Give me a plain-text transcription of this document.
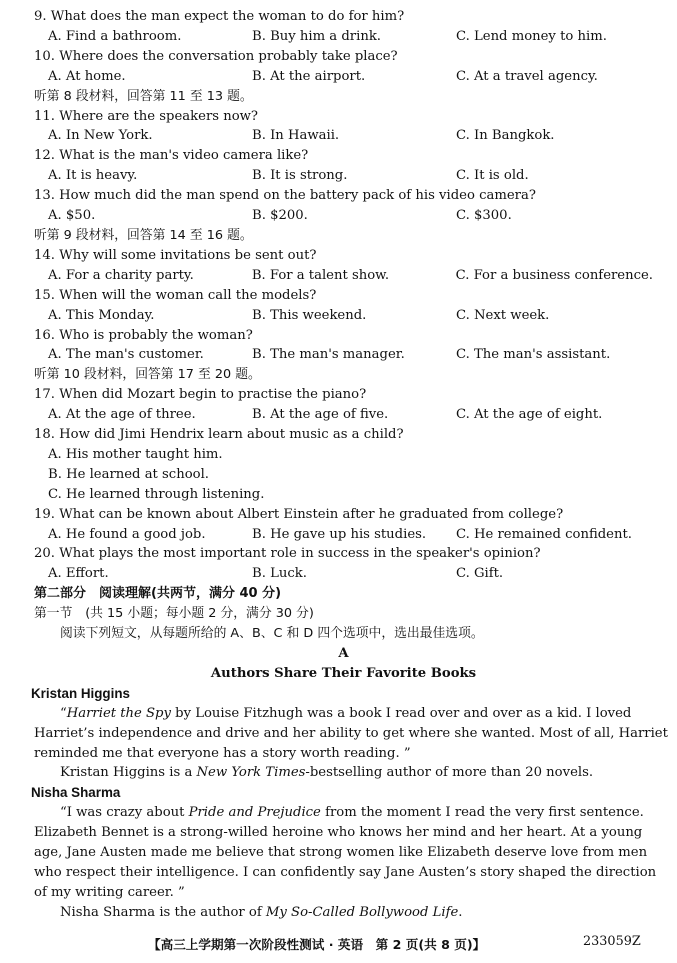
9. What does the man expect the woman to do for him?
A. Find a bathroom.	B. Buy him a drink.	C. Lend money to him.
10. Where does the conversation probably take place?
A. At home.	B. At the airport.	C. At a travel agency.
听第 8 段材料，回答第 11 至 13 题。
11. Where are the speakers now?
A. In New York.	B. In Hawaii.	C. In Bangkok.
12. What is the man's video camera like?
A. It is heavy.	B. It is strong.	C. It is old.
13. How much did the man spend on the battery pack of his video camera?
A. $50.	B. $200.	C. $300.
听第 9 段材料，回答第 14 至 16 题。
14. Why will some invitations be sent out?
A. For a charity party.	B. For a talent show.	C. For a business conference.
15. When will the woman call the models?
A. This Monday.	B. This weekend.	C. Next week.
16. Who is probably the woman?
A. The man's customer.	B. The man's manager.	C. The man's assistant.
听第 10 段材料，回答第 17 至 20 题。
17. When did Mozart begin to practise the piano?
A. At the age of three.	B. At the age of five.	C. At the age of eight.
18. How did Jimi Hendrix learn about music as a child?
A. His mother taught him.
B. He learned at school.
C. He learned through listening.
19. What can be known about Albert Einstein after he graduated from college?
A. He found a good job.	B. He gave up his studies.	C. He remained confident.
20. What plays the most important role in success in the speaker's opinion?
A. Effort.	B. Luck.	C. Gift.
第二部分　阅读理解(共两节，满分 40 分)
第一节　(共 15 小题；每小题 2 分，满分 30 分)
阅读下列短文，从每题所给的 A、B、C 和 D 四个选项中，选出最佳选项。
A
Authors Share Their Favorite Books
Kristan Higgins
“Harriet the Spy by Louise Fitzhugh was a book I read over and over as a kid. I loved
Harriet’s independence and drive and her ability to get where she wanted. Most of all, Harriet
reminded me that everyone has a story worth reading. ”
Kristan Higgins is a New York Times-bestselling author of more than 20 novels.
Nisha Sharma
“I was crazy about Pride and Prejudice from the moment I read the very first sentence.
Elizabeth Bennet is a strong-willed heroine who knows her mind and her heart. At a young
age, Jane Austen made me believe that strong women like Elizabeth deserve love from men
who respect their intelligence. I can confidently say Jane Austen’s story shaped the direction
of my writing career. ”
Nisha Sharma is the author of My So-Called Bollywood Life.
【高三上学期第一次阶段性测试 · 英语　第 2 页(共 8 页)】	233059Z
